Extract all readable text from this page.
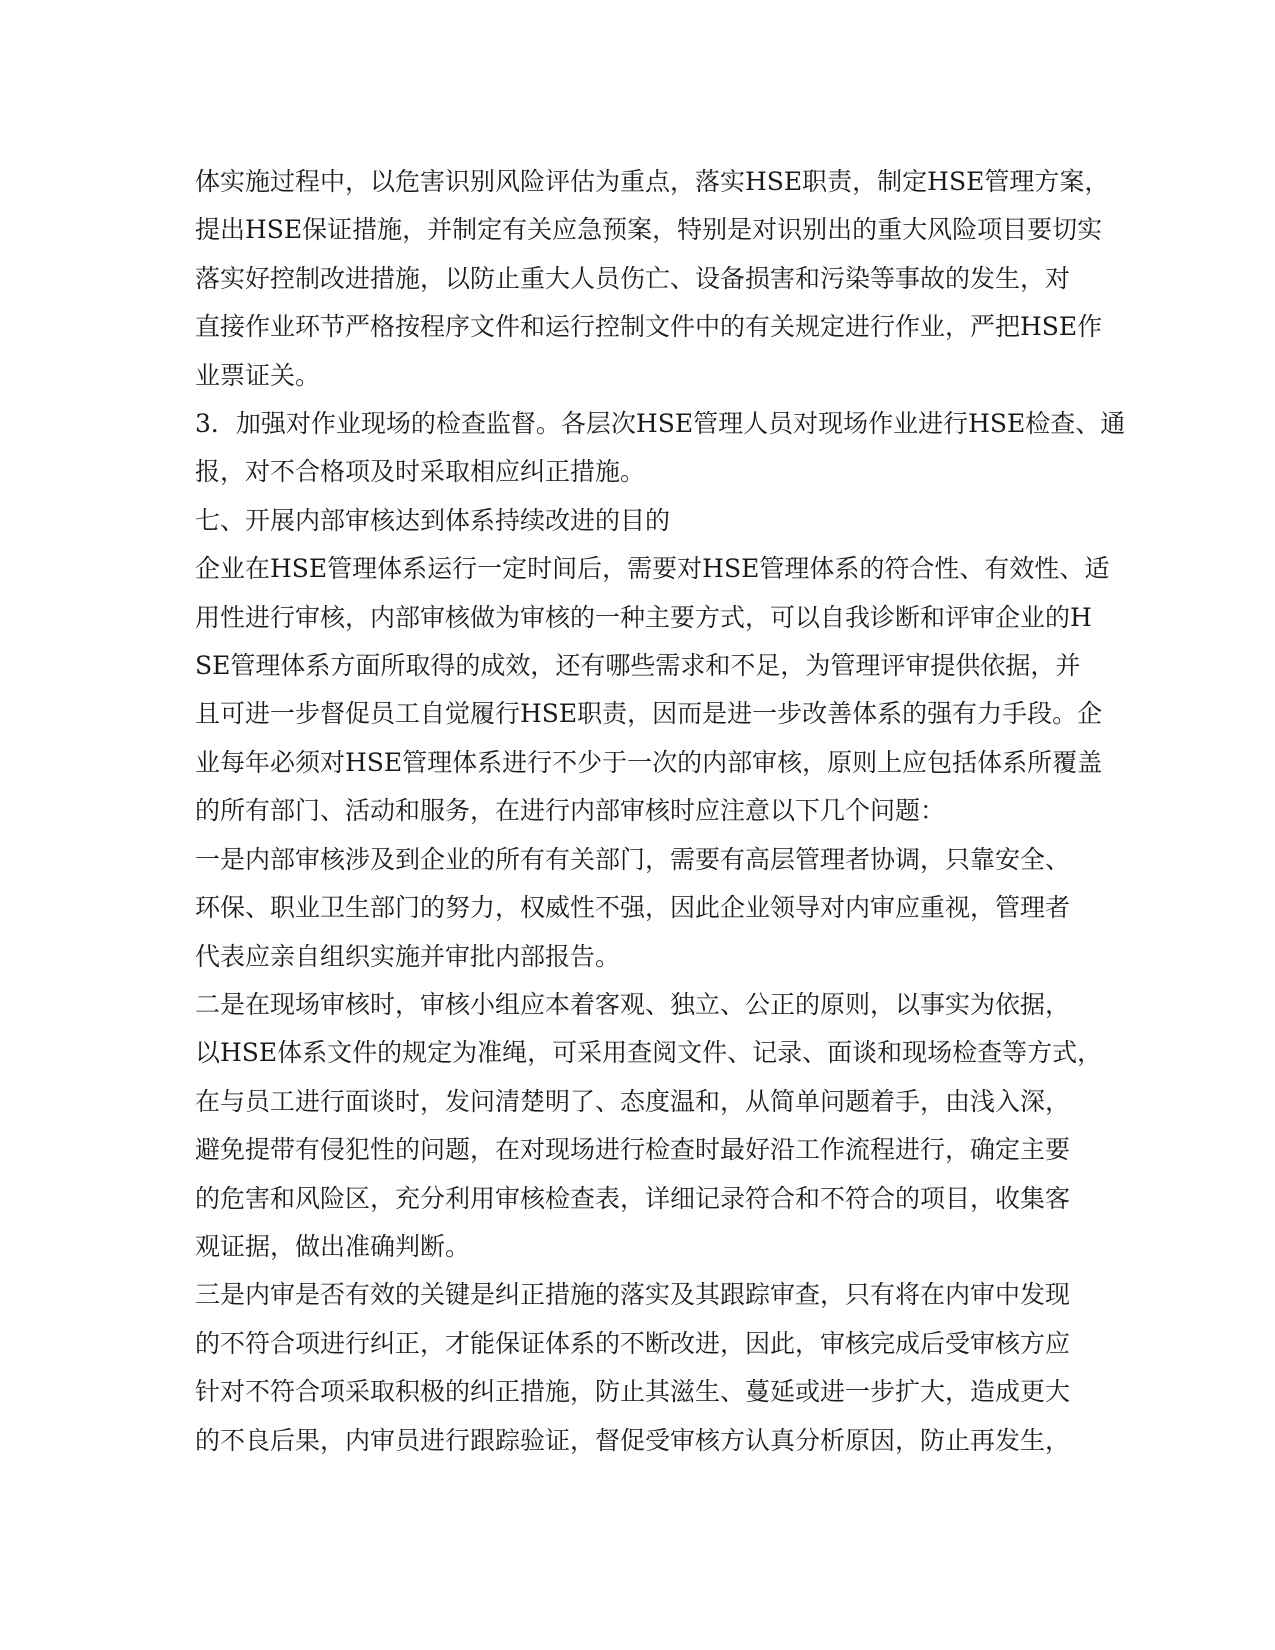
体实施过程中，以危害识别风险评估为重点，落实HSE职责，制定HSE管理方案，
提出HSE保证措施，并制定有关应急预案，特别是对识别出的重大风险项目要切实
落实好控制改进措施，以防止重大人员伤亡、设备损害和污染等事故的发生，对
直接作业环节严格按程序文件和运行控制文件中的有关规定进行作业，严把HSE作
业票证关。
3．加强对作业现场的检查监督。各层次HSE管理人员对现场作业进行HSE检查、通
报，对不合格项及时采取相应纠正措施。
七、开展内部审核达到体系持续改进的目的
企业在HSE管理体系运行一定时间后，需要对HSE管理体系的符合性、有效性、适
用性进行审核，内部审核做为审核的一种主要方式，可以自我诊断和评审企业的H
SE管理体系方面所取得的成效，还有哪些需求和不足，为管理评审提供依据，并
且可进一步督促员工自觉履行HSE职责，因而是进一步改善体系的强有力手段。企
业每年必须对HSE管理体系进行不少于一次的内部审核，原则上应包括体系所覆盖
的所有部门、活动和服务，在进行内部审核时应注意以下几个问题：
一是内部审核涉及到企业的所有有关部门，需要有高层管理者协调，只靠安全、
环保、职业卫生部门的努力，权威性不强，因此企业领导对内审应重视，管理者
代表应亲自组织实施并审批内部报告。
二是在现场审核时，审核小组应本着客观、独立、公正的原则，以事实为依据，
以HSE体系文件的规定为准绳，可采用查阅文件、记录、面谈和现场检查等方式，
在与员工进行面谈时，发问清楚明了、态度温和，从简单问题着手，由浅入深，
避免提带有侵犯性的问题，在对现场进行检查时最好沿工作流程进行，确定主要
的危害和风险区，充分利用审核检查表，详细记录符合和不符合的项目，收集客
观证据，做出准确判断。
三是内审是否有效的关键是纠正措施的落实及其跟踪审查，只有将在内审中发现
的不符合项进行纠正，才能保证体系的不断改进，因此，审核完成后受审核方应
针对不符合项采取积极的纠正措施，防止其滋生、蔓延或进一步扩大，造成更大
的不良后果，内审员进行跟踪验证，督促受审核方认真分析原因，防止再发生，
